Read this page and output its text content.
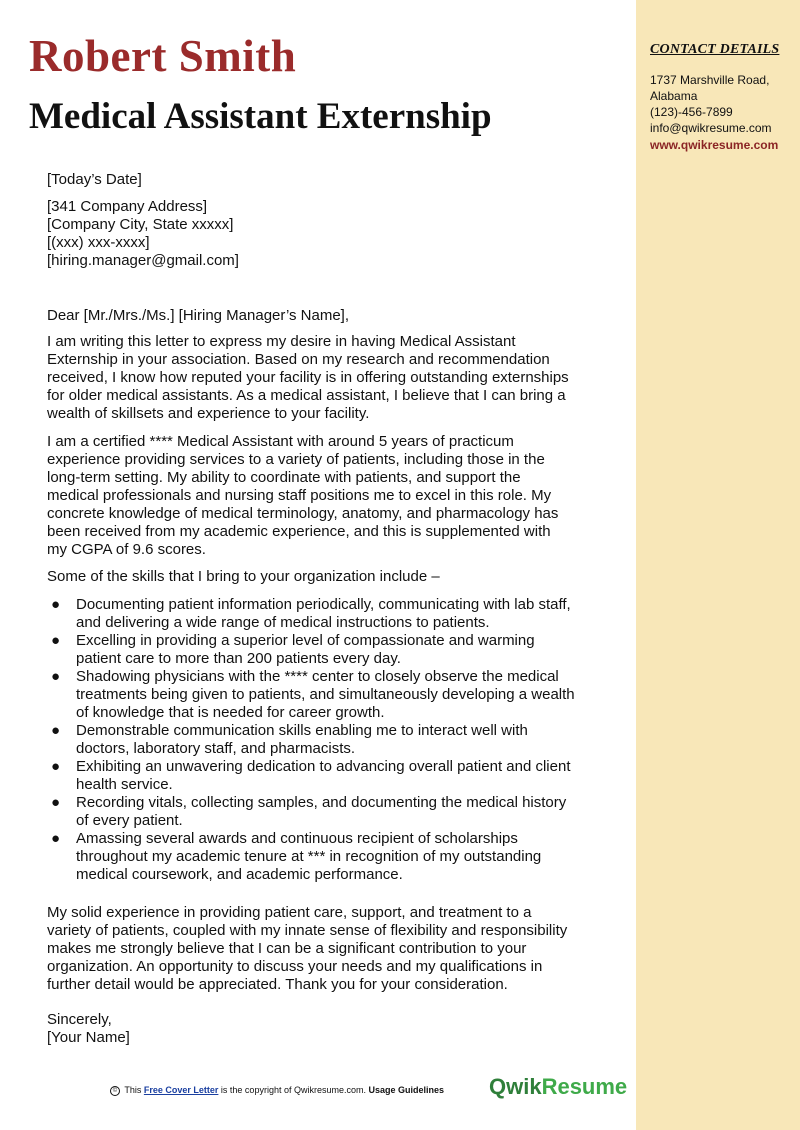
Robert Smith
Medical Assistant Externship
CONTACT DETAILS
1737 Marshville Road,
Alabama
(123)-456-7899
info@qwikresume.com
www.qwikresume.com
[Today’s Date]
[341 Company Address]
[Company City, State xxxxx]
[(xxx) xxx-xxxx]
[hiring.manager@gmail.com]
Dear [Mr./Mrs./Ms.] [Hiring Manager’s Name],
I am writing this letter to express my desire in having Medical Assistant
Externship in your association. Based on my research and recommendation
received, I know how reputed your facility is in offering outstanding externships
for older medical assistants. As a medical assistant, I believe that I can bring a
wealth of skillsets and experience to your facility.
I am a certified **** Medical Assistant with around 5 years of practicum
experience providing services to a variety of patients, including those in the
long-term setting. My ability to coordinate with patients, and support the
medical professionals and nursing staff positions me to excel in this role. My
concrete knowledge of medical terminology, anatomy, and pharmacology has
been received from my academic experience, and this is supplemented with
my CGPA of 9.6 scores.
Some of the skills that I bring to your organization include –
● Documenting patient information periodically, communicating with lab staff,
and delivering a wide range of medical instructions to patients.
● Excelling in providing a superior level of compassionate and warming
patient care to more than 200 patients every day.
● Shadowing physicians with the **** center to closely observe the medical
treatments being given to patients, and simultaneously developing a wealth
of knowledge that is needed for career growth.
● Demonstrable communication skills enabling me to interact well with
doctors, laboratory staff, and pharmacists.
● Exhibiting an unwavering dedication to advancing overall patient and client
health service.
● Recording vitals, collecting samples, and documenting the medical history
of every patient.
● Amassing several awards and continuous recipient of scholarships
throughout my academic tenure at *** in recognition of my outstanding
medical coursework, and academic performance.
My solid experience in providing patient care, support, and treatment to a
variety of patients, coupled with my innate sense of flexibility and responsibility
makes me strongly believe that I can be a significant contribution to your
organization. An opportunity to discuss your needs and my qualifications in
further detail would be appreciated. Thank you for your consideration.
Sincerely,
[Your Name]
© This Free Cover Letter is the copyright of Qwikresume.com. Usage Guidelines QwikResume
